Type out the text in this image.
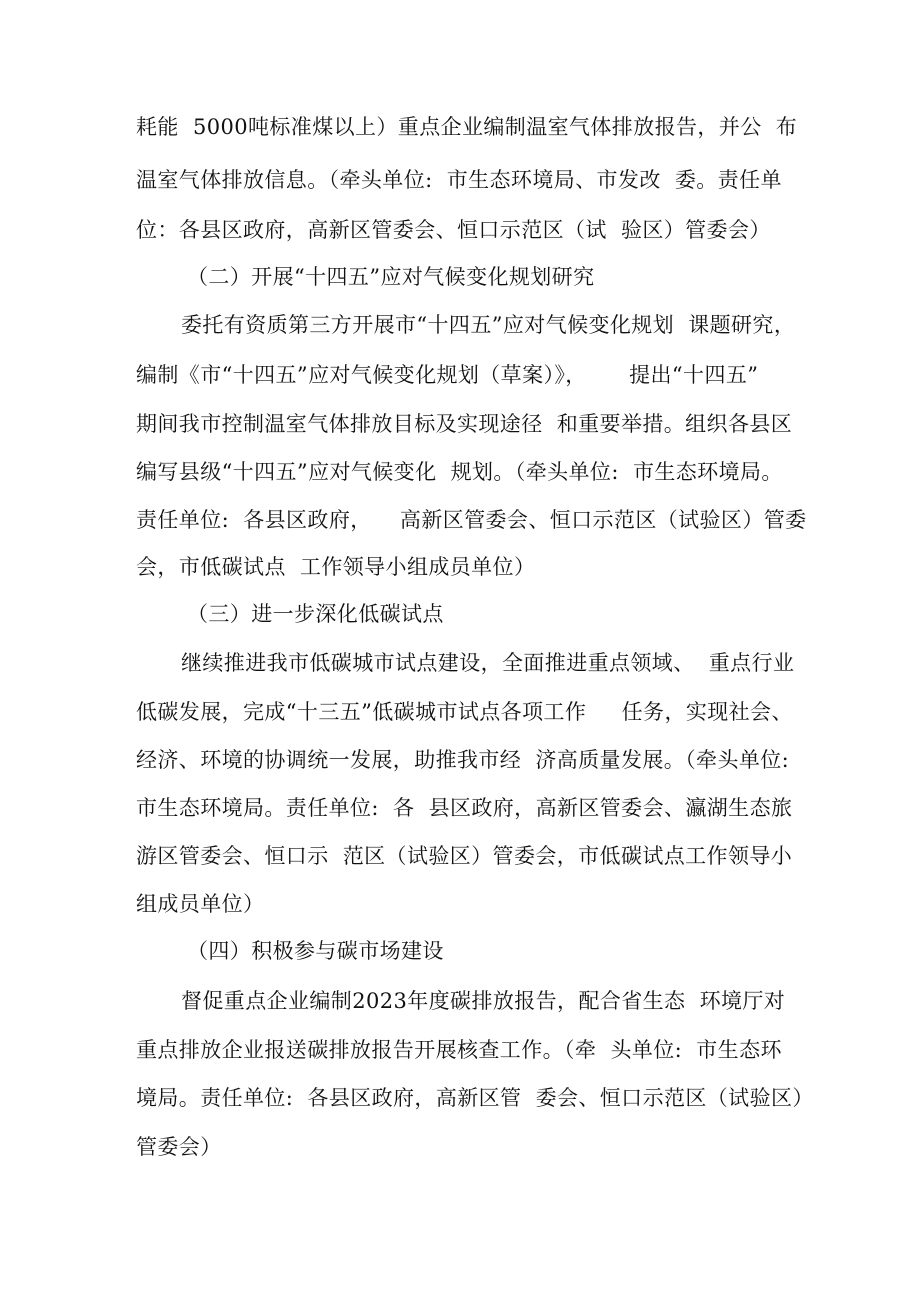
耗能  5000吨标准煤以上）重点企业编制温室气体排放报告，并公  布
温室气体排放信息。（牵头单位:  市生态环境局、市发改  委。责任单
位：各县区政府，高新区管委会、恒口示范区（试  验区）管委会）
（二）开展“十四五”应对气候变化规划研究
委托有资质第三方开展市“十四五”应对气候变化规划  课题研究，
编制《市“十四五”应对气候变化规划（草案）》，      提出“十四五”
期间我市控制温室气体排放目标及实现途径  和重要举措。组织各县区
编写县级“十四五”应对气候变化  规划。（牵头单位:  市生态环境局。
责任单位:  各县区政府，    高新区管委会、恒口示范区（试验区）管委
会，市低碳试点  工作领导小组成员单位）
（三）进一步深化低碳试点
继续推进我市低碳城市试点建设，全面推进重点领域、  重点行业
低碳发展，完成“十三五”低碳城市试点各项工作     任务，实现社会、
经济、环境的协调统一发展，助推我市经  济高质量发展。（牵头单位:
市生态环境局。责任单位:  各  县区政府，高新区管委会、瀛湖生态旅
游区管委会、恒口示  范区（试验区）管委会，市低碳试点工作领导小
组成员单位）
（四）积极参与碳市场建设
督促重点企业编制2023年度碳排放报告，配合省生态  环境厅对
重点排放企业报送碳排放报告开展核查工作。（牵  头单位:  市生态环
境局。责任单位:  各县区政府，高新区管  委会、恒口示范区（试验区）
管委会）
